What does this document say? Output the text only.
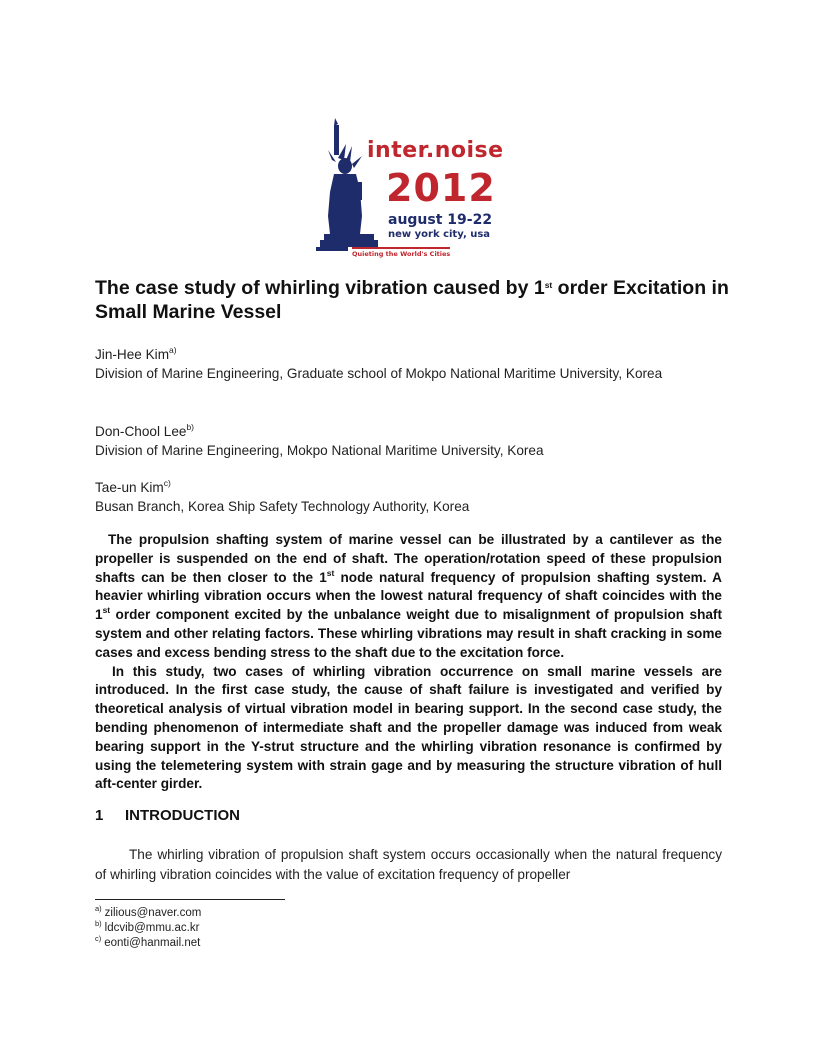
inter.noise
2012
august 19-22
new york city, usa
Quieting the World's Cities
The case study of whirling vibration caused by 1st order Excitation in Small Marine Vessel

Jin-Hee Kim$^{a)}$

Division of Marine Engineering, Graduate school of Mokpo National Maritime University, Korea

Don-Chool Lee$^{b)}$

Division of Marine Engineering, Mokpo National Maritime University, Korea

Tae-un Kim$^{c)}$

Busan Branch, Korea Ship Safety Technology Authority, Korea

The propulsion shafting system of marine vessel can be illustrated by a cantilever as the propeller is suspended on the end of shaft. The operation/rotation speed of these propulsion shafts can be then closer to the 1st node natural frequency of propulsion shafting system. A heavier whirling vibration occurs when the lowest natural frequency of shaft coincides with the 1st order component excited by the unbalance weight due to misalignment of propulsion shaft system and other relating factors. These whirling vibrations may result in shaft cracking in some cases and excess bending stress to the shaft due to the excitation force.

In this study, two cases of whirling vibration occurrence on small marine vessels are introduced. In the first case study, the cause of shaft failure is investigated and verified by theoretical analysis of virtual vibration model in bearing support. In the second case study, the bending phenomenon of intermediate shaft and the propeller damage was induced from weak bearing support in the Y-strut structure and the whirling vibration resonance is confirmed by using the telemetering system with strain gage and by measuring the structure vibration of hull aft-center girder.

1 INTRODUCTION

The whirling vibration of propulsion shaft system occurs occasionally when the natural frequency of whirling vibration coincides with the value of excitation frequency of propeller

$^{a)}$ zilious@naver.com
$^{b)}$ ldcvib@mmu.ac.kr
$^{c)}$ eonti@hanmail.net
